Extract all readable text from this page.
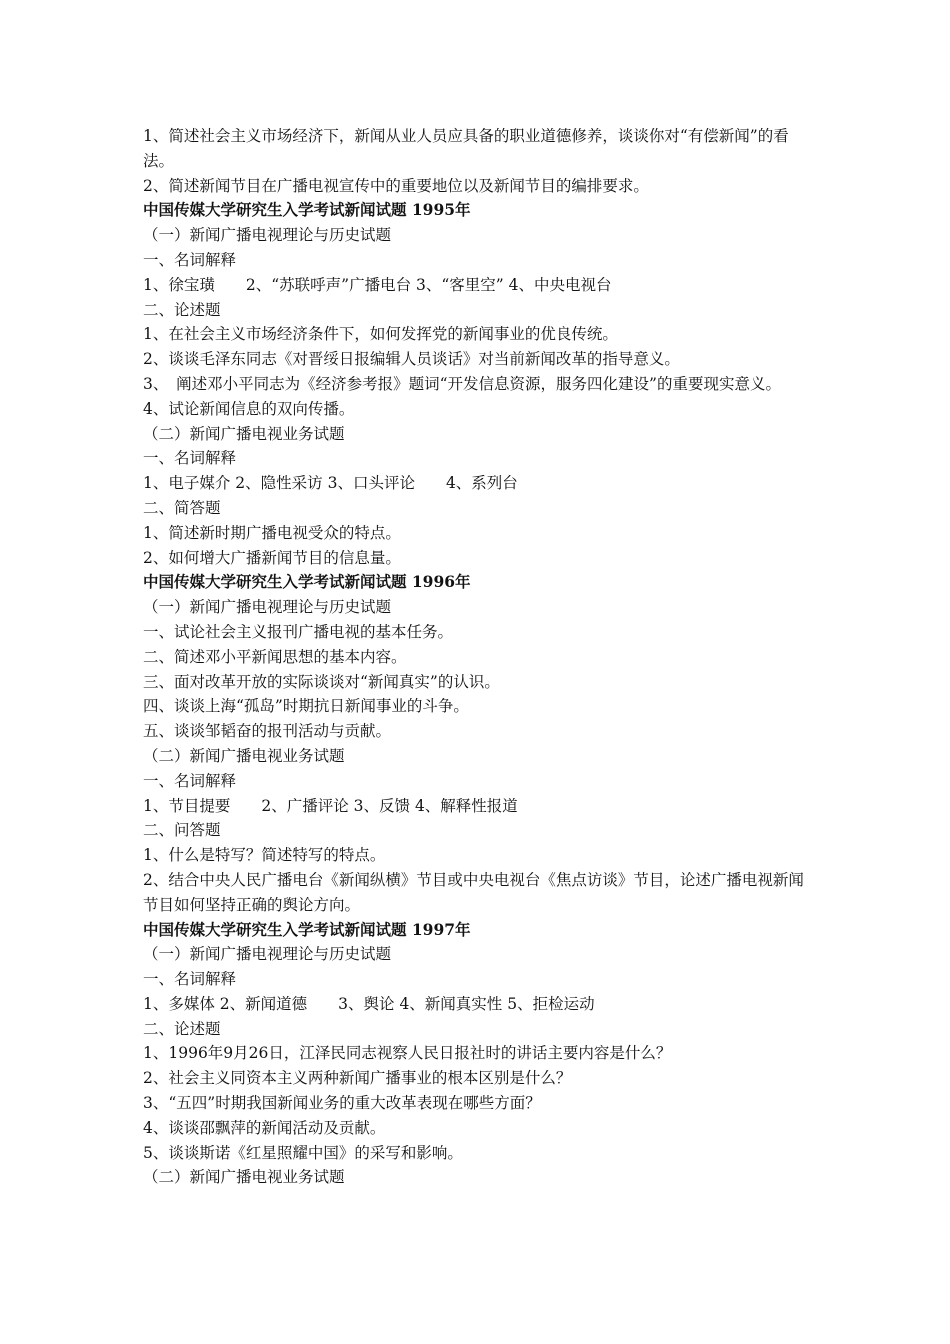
1、简述社会主义市场经济下，新闻从业人员应具备的职业道德修养，谈谈你对“有偿新闻”的看法。

2、简述新闻节目在广播电视宣传中的重要地位以及新闻节目的编排要求。

中国传媒大学研究生入学考试新闻试题 1995年

（一）新闻广播电视理论与历史试题

一、名词解释

1、徐宝璜　　2、“苏联呼声”广播电台 3、“客里空” 4、中央电视台

二、论述题

1、在社会主义市场经济条件下，如何发挥党的新闻事业的优良传统。

2、谈谈毛泽东同志《对晋绥日报编辑人员谈话》对当前新闻改革的指导意义。

3、　阐述邓小平同志为《经济参考报》题词“开发信息资源，服务四化建设”的重要现实意义。

4、试论新闻信息的双向传播。

（二）新闻广播电视业务试题

一、名词解释

1、电子媒介 2、隐性采访 3、口头评论　　4、系列台

二、简答题

1、简述新时期广播电视受众的特点。

2、如何增大广播新闻节目的信息量。

中国传媒大学研究生入学考试新闻试题 1996年

（一）新闻广播电视理论与历史试题

一、试论社会主义报刊广播电视的基本任务。

二、简述邓小平新闻思想的基本内容。

三、面对改革开放的实际谈谈对“新闻真实”的认识。

四、谈谈上海“孤岛”时期抗日新闻事业的斗争。

五、谈谈邹韬奋的报刊活动与贡献。

（二）新闻广播电视业务试题

一、名词解释

1、节目提要　　2、广播评论 3、反馈 4、解释性报道

二、问答题

1、什么是特写？简述特写的特点。

2、结合中央人民广播电台《新闻纵横》节目或中央电视台《焦点访谈》节目，论述广播电视新闻节目如何坚持正确的舆论方向。

中国传媒大学研究生入学考试新闻试题 1997年

（一）新闻广播电视理论与历史试题

一、名词解释

1、多媒体 2、新闻道德　　3、舆论 4、新闻真实性 5、拒检运动

二、论述题

1、1996年9月26日，江泽民同志视察人民日报社时的讲话主要内容是什么？

2、社会主义同资本主义两种新闻广播事业的根本区别是什么？

3、“五四”时期我国新闻业务的重大改革表现在哪些方面？

4、谈谈邵飘萍的新闻活动及贡献。

5、谈谈斯诺《红星照耀中国》的采写和影响。

（二）新闻广播电视业务试题
